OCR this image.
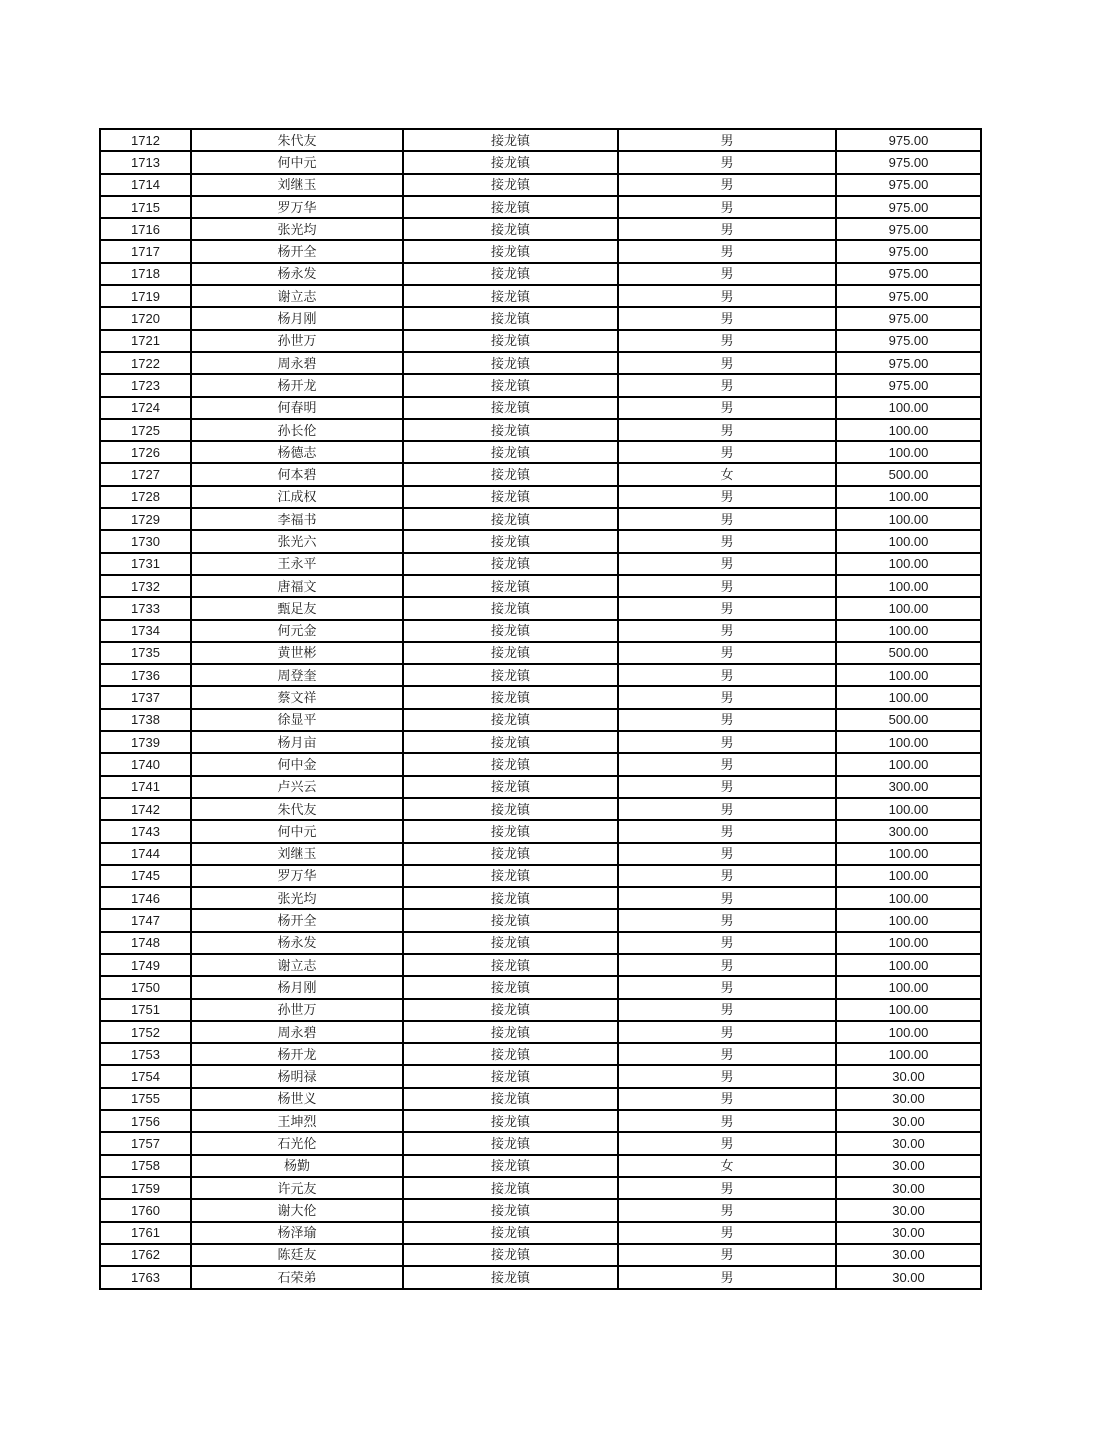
1712	朱代友	接龙镇	男	975.00
1713	何中元	接龙镇	男	975.00
1714	刘继玉	接龙镇	男	975.00
1715	罗万华	接龙镇	男	975.00
1716	张光均	接龙镇	男	975.00
1717	杨开全	接龙镇	男	975.00
1718	杨永发	接龙镇	男	975.00
1719	谢立志	接龙镇	男	975.00
1720	杨月刚	接龙镇	男	975.00
1721	孙世万	接龙镇	男	975.00
1722	周永碧	接龙镇	男	975.00
1723	杨开龙	接龙镇	男	975.00
1724	何春明	接龙镇	男	100.00
1725	孙长伦	接龙镇	男	100.00
1726	杨德志	接龙镇	男	100.00
1727	何本碧	接龙镇	女	500.00
1728	江成权	接龙镇	男	100.00
1729	李福书	接龙镇	男	100.00
1730	张光六	接龙镇	男	100.00
1731	王永平	接龙镇	男	100.00
1732	唐福文	接龙镇	男	100.00
1733	甄足友	接龙镇	男	100.00
1734	何元金	接龙镇	男	100.00
1735	黄世彬	接龙镇	男	500.00
1736	周登奎	接龙镇	男	100.00
1737	蔡文祥	接龙镇	男	100.00
1738	徐显平	接龙镇	男	500.00
1739	杨月亩	接龙镇	男	100.00
1740	何中金	接龙镇	男	100.00
1741	卢兴云	接龙镇	男	300.00
1742	朱代友	接龙镇	男	100.00
1743	何中元	接龙镇	男	300.00
1744	刘继玉	接龙镇	男	100.00
1745	罗万华	接龙镇	男	100.00
1746	张光均	接龙镇	男	100.00
1747	杨开全	接龙镇	男	100.00
1748	杨永发	接龙镇	男	100.00
1749	谢立志	接龙镇	男	100.00
1750	杨月刚	接龙镇	男	100.00
1751	孙世万	接龙镇	男	100.00
1752	周永碧	接龙镇	男	100.00
1753	杨开龙	接龙镇	男	100.00
1754	杨明禄	接龙镇	男	30.00
1755	杨世义	接龙镇	男	30.00
1756	王坤烈	接龙镇	男	30.00
1757	石光伦	接龙镇	男	30.00
1758	杨勤	接龙镇	女	30.00
1759	许元友	接龙镇	男	30.00
1760	谢大伦	接龙镇	男	30.00
1761	杨泽瑜	接龙镇	男	30.00
1762	陈廷友	接龙镇	男	30.00
1763	石荣弟	接龙镇	男	30.00
